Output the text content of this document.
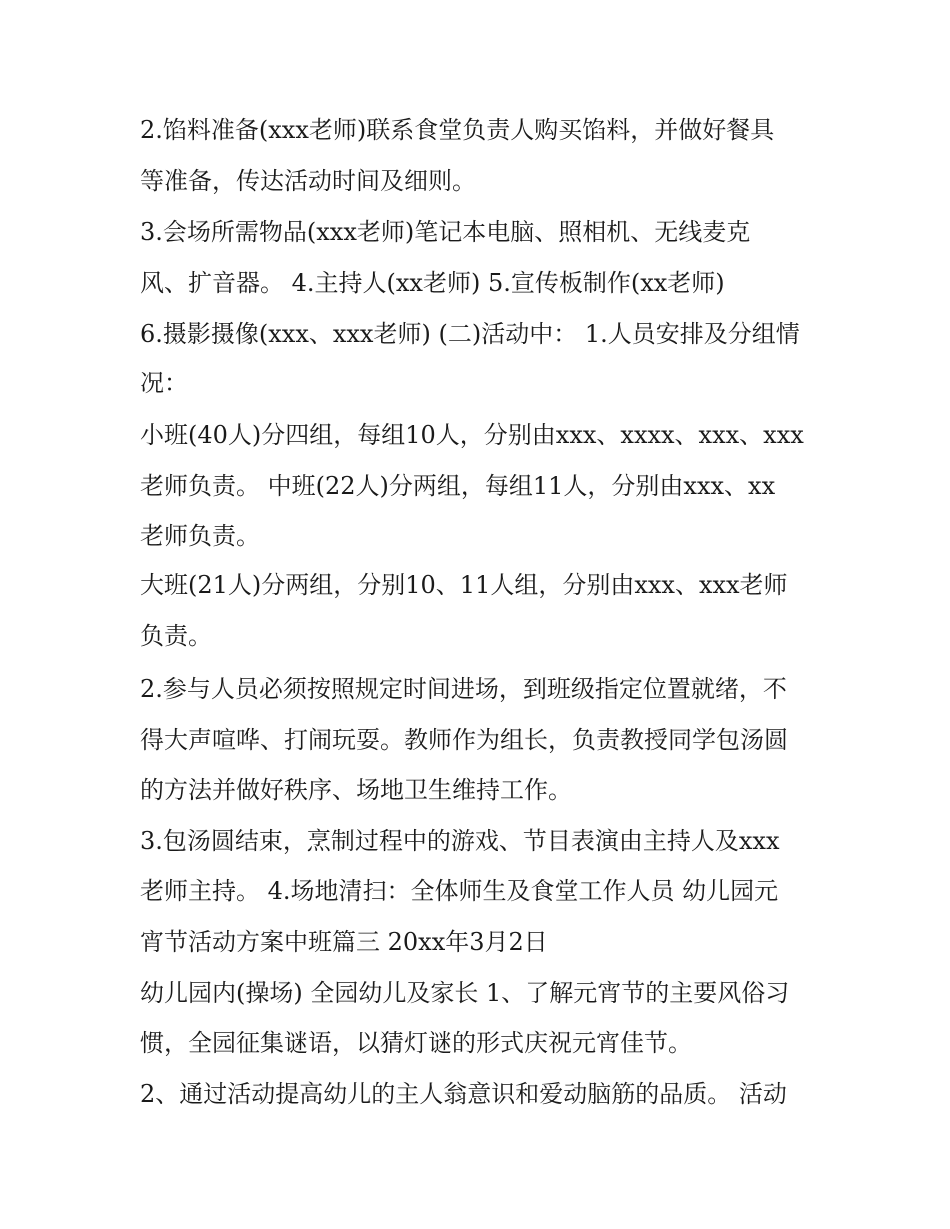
2.馅料准备(xxx老师)联系食堂负责人购买馅料，并做好餐具
等准备，传达活动时间及细则。
3.会场所需物品(xxx老师)笔记本电脑、照相机、无线麦克
风、扩音器。 4.主持人(xx老师) 5.宣传板制作(xx老师)
6.摄影摄像(xxx、xxx老师) (二)活动中： 1.人员安排及分组情
况：
小班(40人)分四组，每组10人，分别由xxx、xxxx、xxx、xxx
老师负责。 中班(22人)分两组，每组11人，分别由xxx、xx
老师负责。
大班(21人)分两组，分别10、11人组，分别由xxx、xxx老师
负责。
2.参与人员必须按照规定时间进场，到班级指定位置就绪，不
得大声喧哗、打闹玩耍。教师作为组长，负责教授同学包汤圆
的方法并做好秩序、场地卫生维持工作。
3.包汤圆结束，烹制过程中的游戏、节目表演由主持人及xxx
老师主持。 4.场地清扫：全体师生及食堂工作人员 幼儿园元
宵节活动方案中班篇三 20xx年3月2日
幼儿园内(操场) 全园幼儿及家长 1、了解元宵节的主要风俗习
惯，全园征集谜语，以猜灯谜的形式庆祝元宵佳节。
2、通过活动提高幼儿的主人翁意识和爱动脑筋的品质。 活动
